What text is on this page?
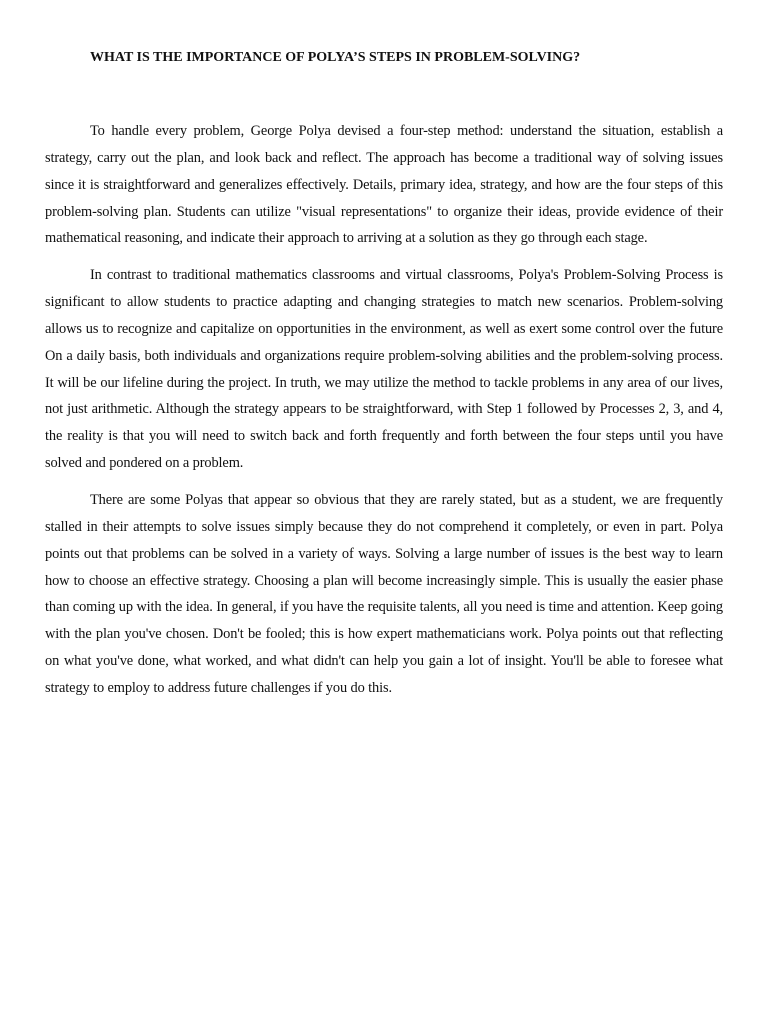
WHAT IS THE IMPORTANCE OF POLYA’S STEPS IN PROBLEM-SOLVING?

To handle every problem, George Polya devised a four-step method: understand the situation, establish a strategy, carry out the plan, and look back and reflect. The approach has become a traditional way of solving issues since it is straightforward and generalizes effectively. Details, primary idea, strategy, and how are the four steps of this problem-solving plan. Students can utilize "visual representations" to organize their ideas, provide evidence of their mathematical reasoning, and indicate their approach to arriving at a solution as they go through each stage.

In contrast to traditional mathematics classrooms and virtual classrooms, Polya's Problem-Solving Process is significant to allow students to practice adapting and changing strategies to match new scenarios. Problem-solving allows us to recognize and capitalize on opportunities in the environment, as well as exert some control over the future On a daily basis, both individuals and organizations require problem-solving abilities and the problem-solving process. It will be our lifeline during the project. In truth, we may utilize the method to tackle problems in any area of our lives, not just arithmetic. Although the strategy appears to be straightforward, with Step 1 followed by Processes 2, 3, and 4, the reality is that you will need to switch back and forth frequently and forth between the four steps until you have solved and pondered on a problem.

There are some Polyas that appear so obvious that they are rarely stated, but as a student, we are frequently stalled in their attempts to solve issues simply because they do not comprehend it completely, or even in part. Polya points out that problems can be solved in a variety of ways. Solving a large number of issues is the best way to learn how to choose an effective strategy. Choosing a plan will become increasingly simple. This is usually the easier phase than coming up with the idea. In general, if you have the requisite talents, all you need is time and attention. Keep going with the plan you've chosen. Don't be fooled; this is how expert mathematicians work. Polya points out that reflecting on what you've done, what worked, and what didn't can help you gain a lot of insight. You'll be able to foresee what strategy to employ to address future challenges if you do this.
